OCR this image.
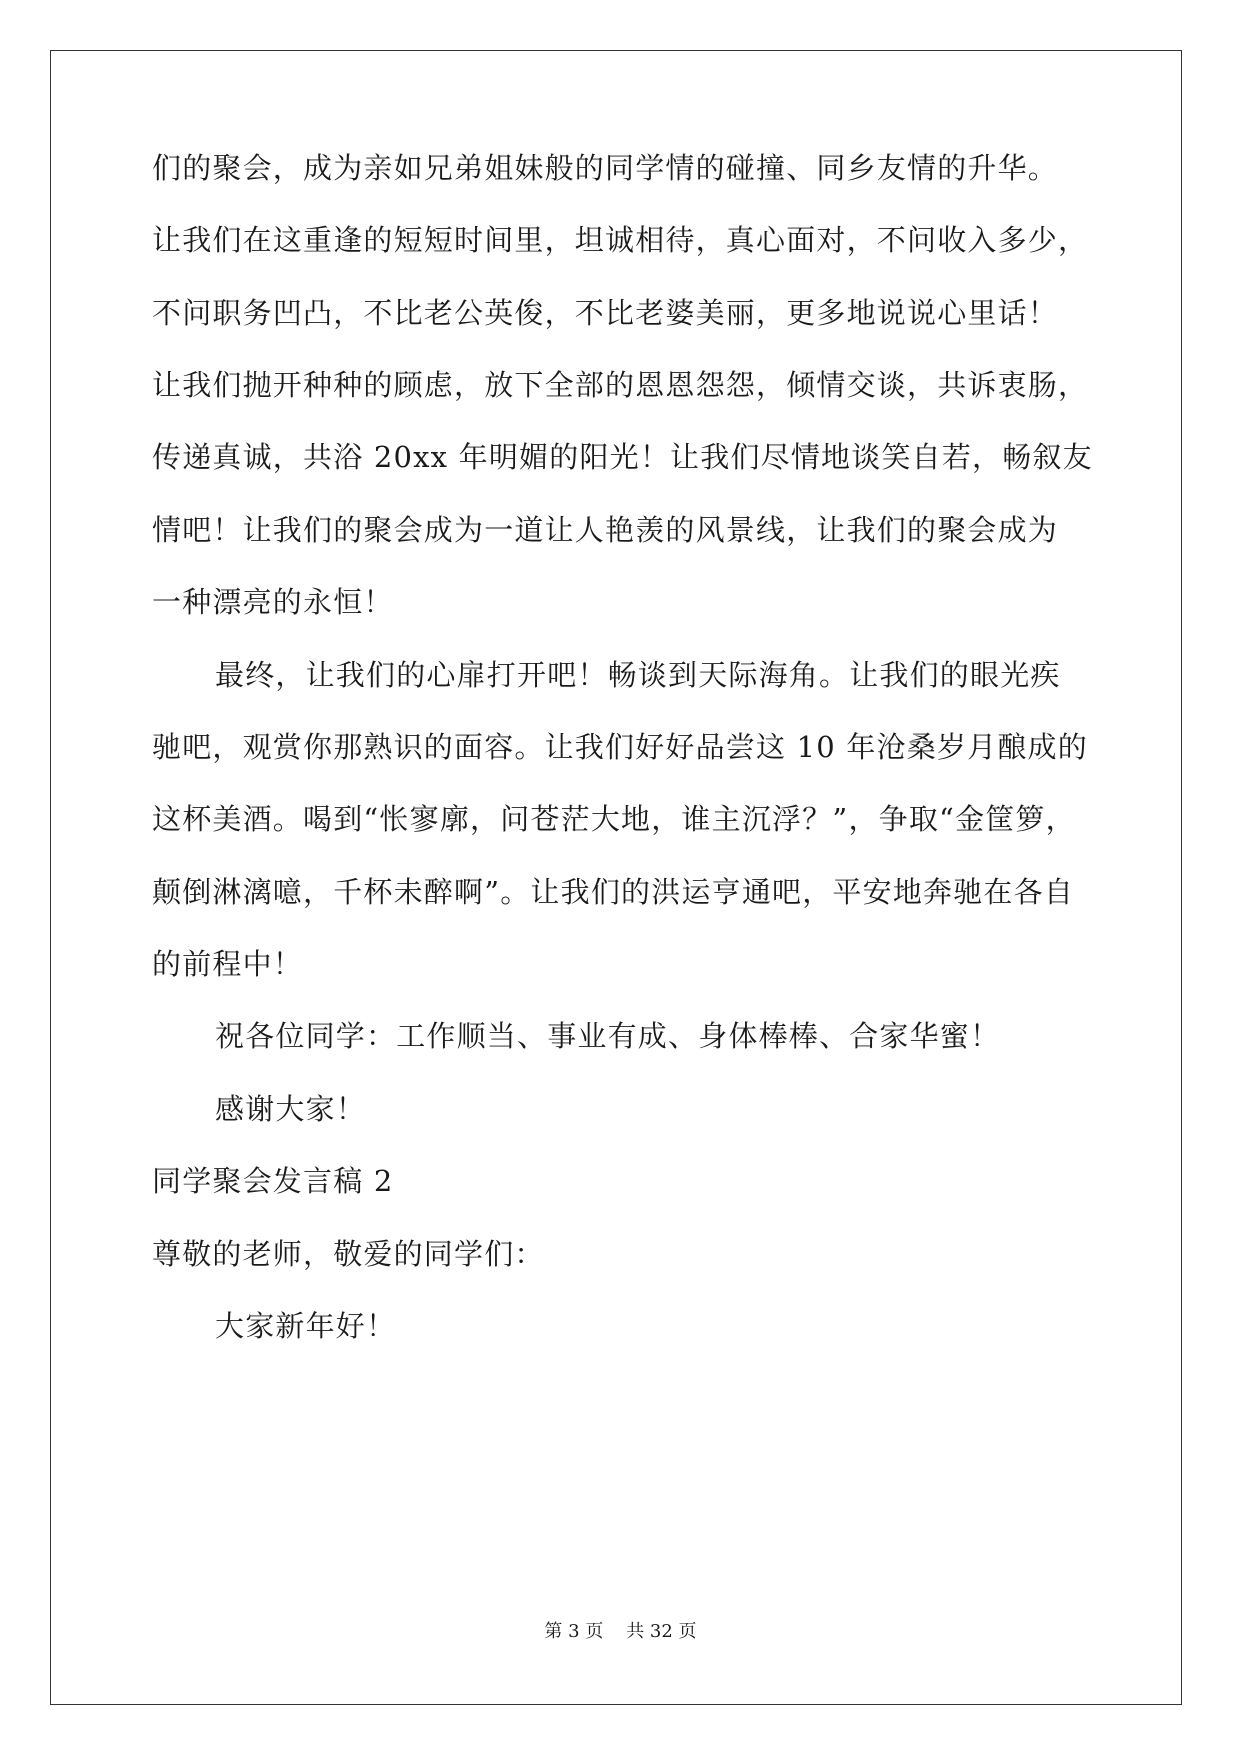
们的聚会，成为亲如兄弟姐妹般的同学情的碰撞、同乡友情的升华。
让我们在这重逢的短短时间里，坦诚相待，真心面对，不问收入多少，
不问职务凹凸，不比老公英俊，不比老婆美丽，更多地说说心里话！
让我们抛开种种的顾虑，放下全部的恩恩怨怨，倾情交谈，共诉衷肠，
传递真诚，共浴 20xx 年明媚的阳光！让我们尽情地谈笑自若，畅叙友
情吧！让我们的聚会成为一道让人艳羡的风景线，让我们的聚会成为
一种漂亮的永恒！
最终，让我们的心扉打开吧！畅谈到天际海角。让我们的眼光疾
驰吧，观赏你那熟识的面容。让我们好好品尝这 10 年沧桑岁月酿成的
这杯美酒。喝到“怅寥廓，问苍茫大地，谁主沉浮？”，争取“金筐箩，
颠倒淋漓噫，千杯未醉啊”。让我们的洪运亨通吧，平安地奔驰在各自
的前程中！
祝各位同学：工作顺当、事业有成、身体棒棒、合家华蜜！
感谢大家！
同学聚会发言稿 2
尊敬的老师，敬爱的同学们：
大家新年好！
第 3 页    共 32 页
